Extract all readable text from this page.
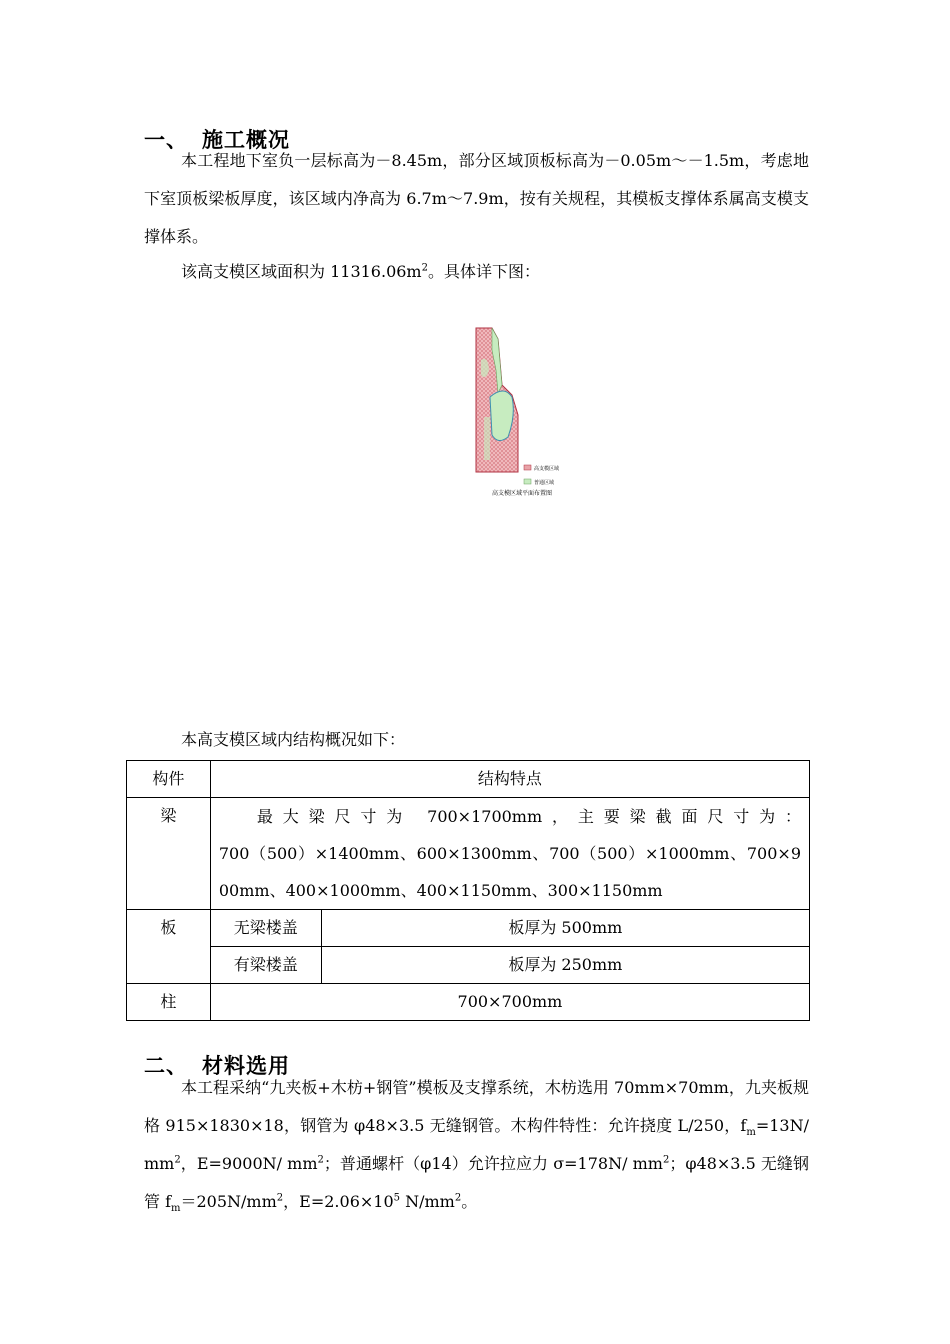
一、 施工概况

本工程地下室负一层标高为－8.45m，部分区域顶板标高为－0.05m～－1.5m，考虑地下室顶板梁板厚度，该区域内净高为 6.7m～7.9m，按有关规程，其模板支撑体系属高支模支撑体系。

该高支模区域面积为 $11316.06m^2$。具体详下图：

高支模区域
普通区域
高支模区域平面布置图

本高支模区域内结构概况如下：

构件	结构特点	

梁	最大梁尺寸为 700×1700mm，主要梁截面尺寸为：
700（500）×1400mm、600×1300mm、700（500）×1000mm、700×900mm、400×1000mm、400×1150mm、300×1150mm	

板	无梁楼盖	板厚为 500mm

	有梁楼盖	板厚为 250mm

柱	700×700mm	
二、 材料选用

本工程采纳“九夹板+木枋+钢管”模板及支撑系统，木枋选用 70mm×70mm，九夹板规格 915×1830×18，钢管为 φ48×3.5 无缝钢管。木构件特性：允许挠度 L/250，$f_m=13N/mm^2$，E=9000N/ $mm^2$；普通螺杆（φ14）允许拉应力 σ=178N/ $mm^2$；φ48×3.5 无缝钢管 $f_m=205N/mm^2$，$E=2.06\times 10^5$ $N/mm^2$。
